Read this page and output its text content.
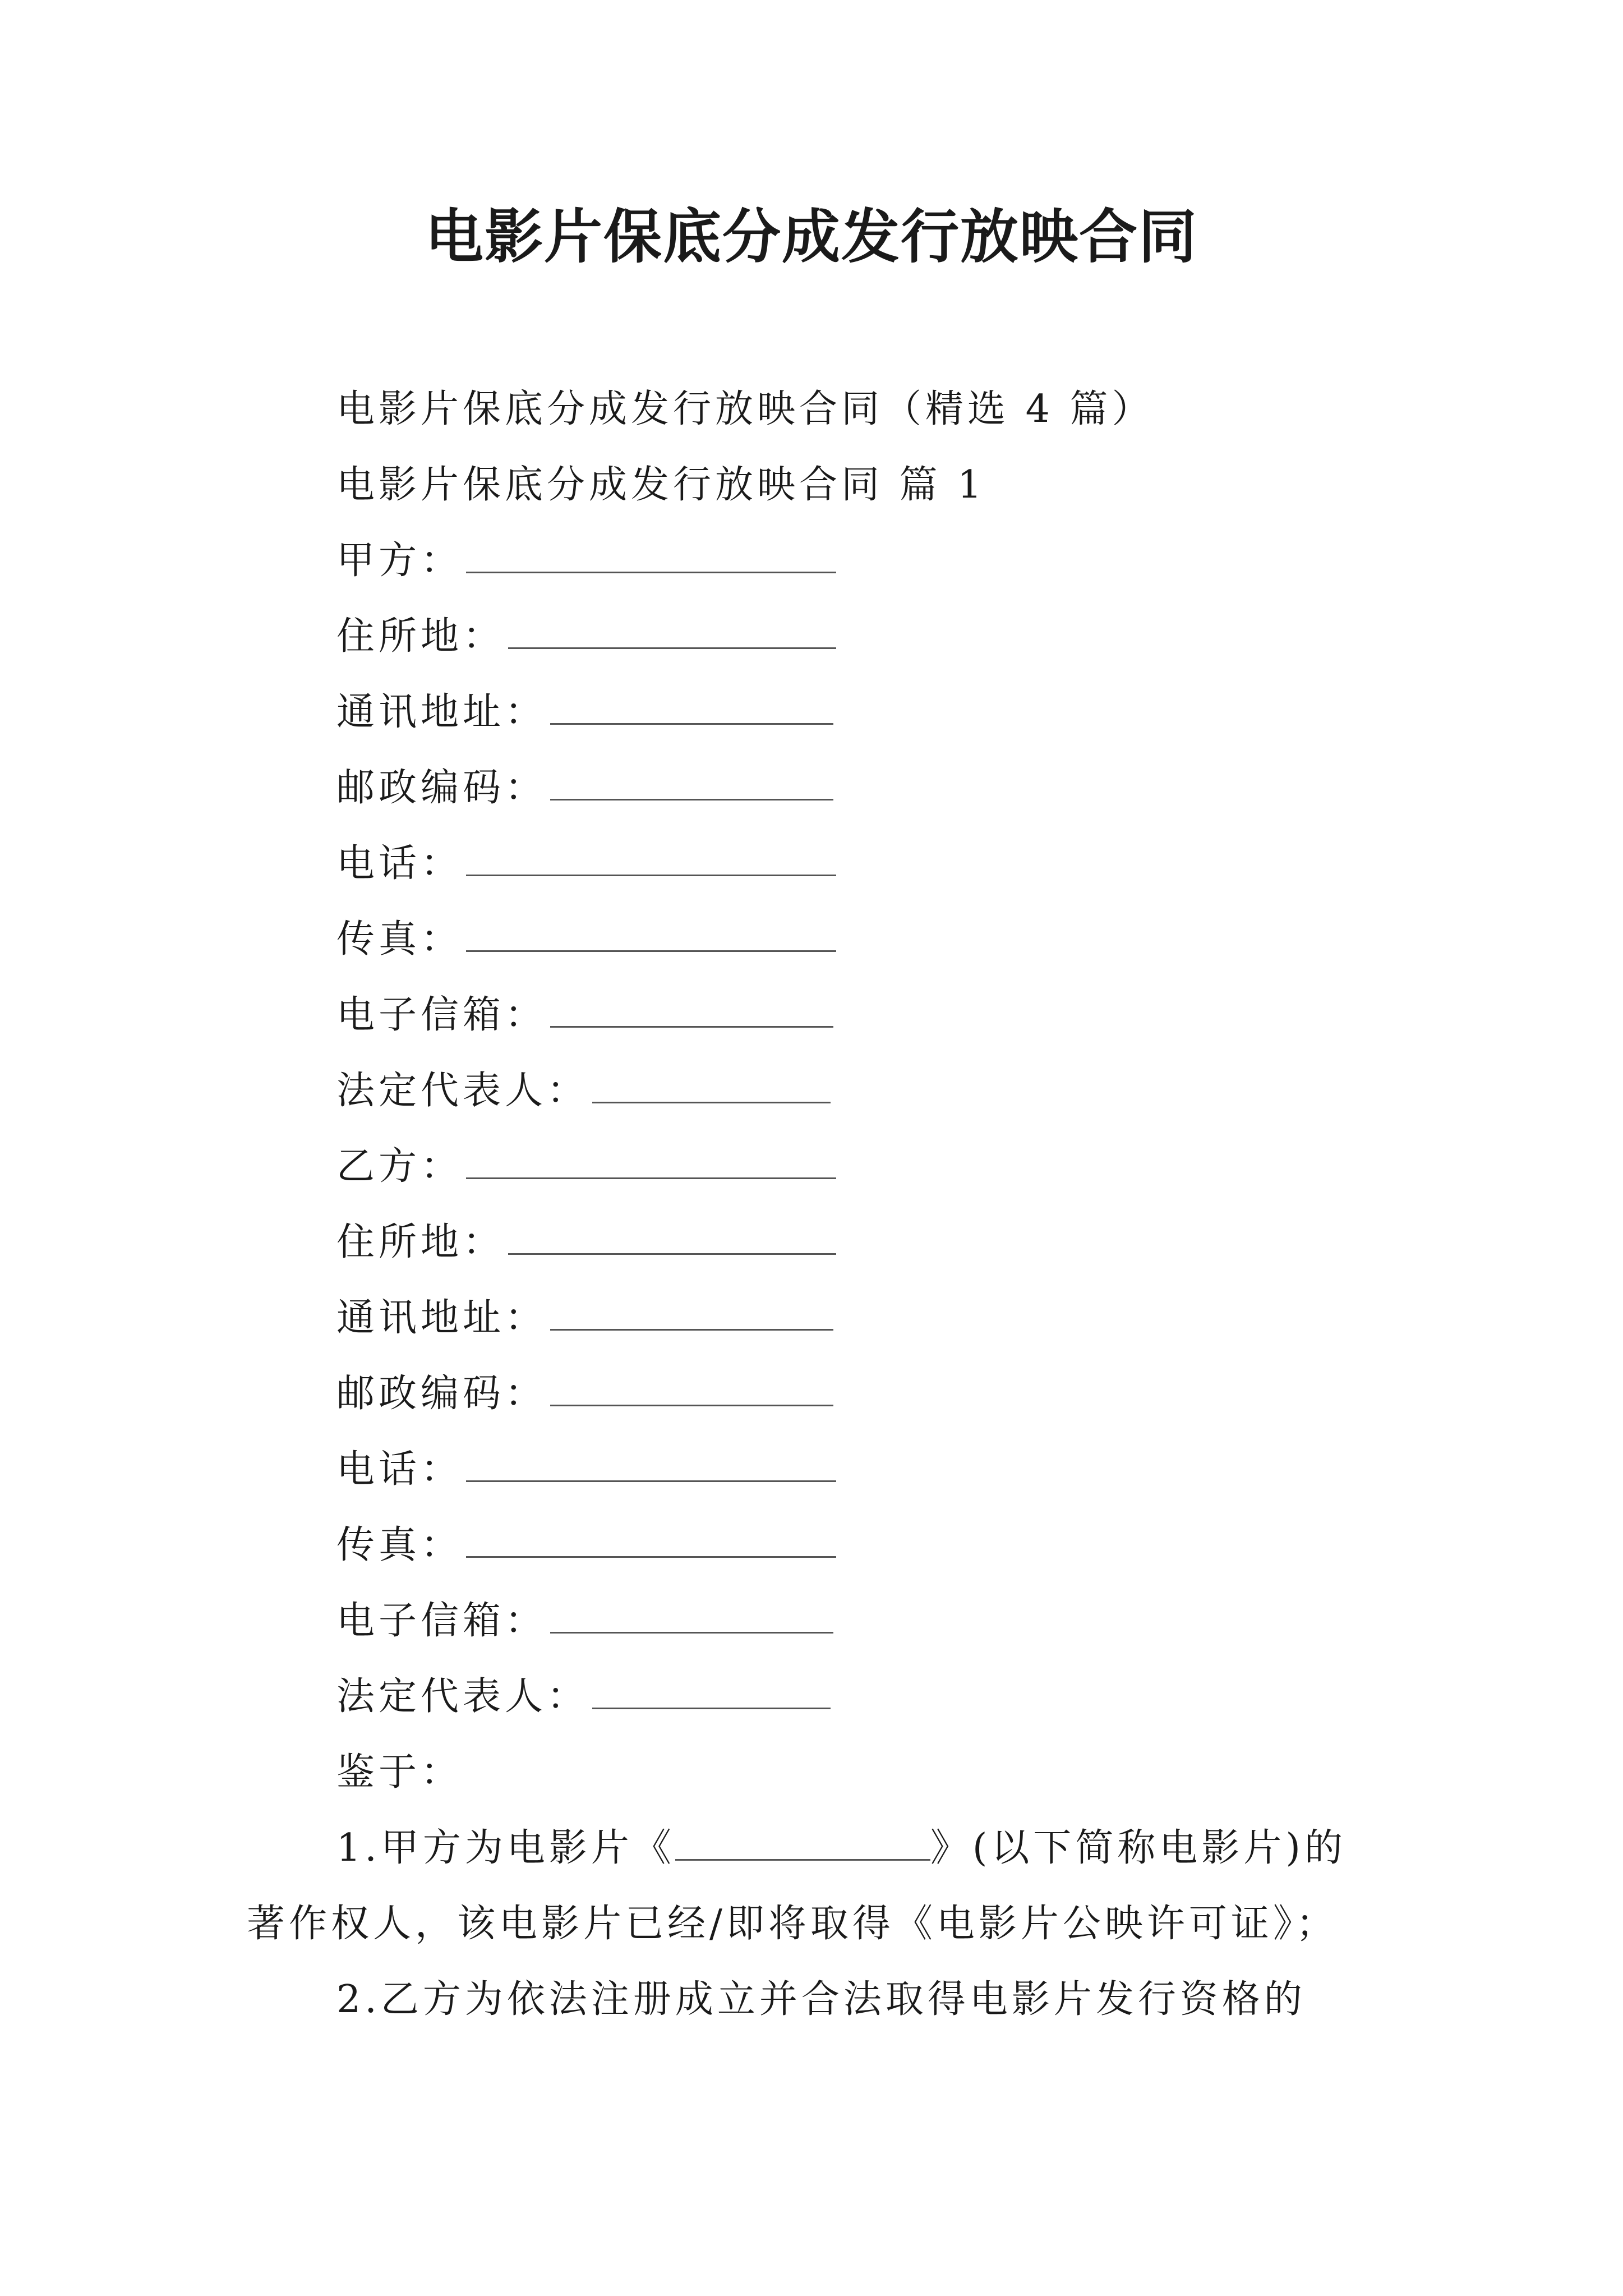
电影片保底分成发行放映合同
电影片保底分成发行放映合同（精选 4 篇）
电影片保底分成发行放映合同 篇 1
甲方：
住所地：
通讯地址：
邮政编码：
电话：
传真：
电子信箱：
法定代表人：
乙方：
住所地：
通讯地址：
邮政编码：
电话：
传真：
电子信箱：
法定代表人：
鉴于：
1.甲方为电影片《	》(以下简称电影片)的
著作权人，该电影片已经/即将取得《电影片公映许可证》；
2.乙方为依法注册成立并合法取得电影片发行资格的
